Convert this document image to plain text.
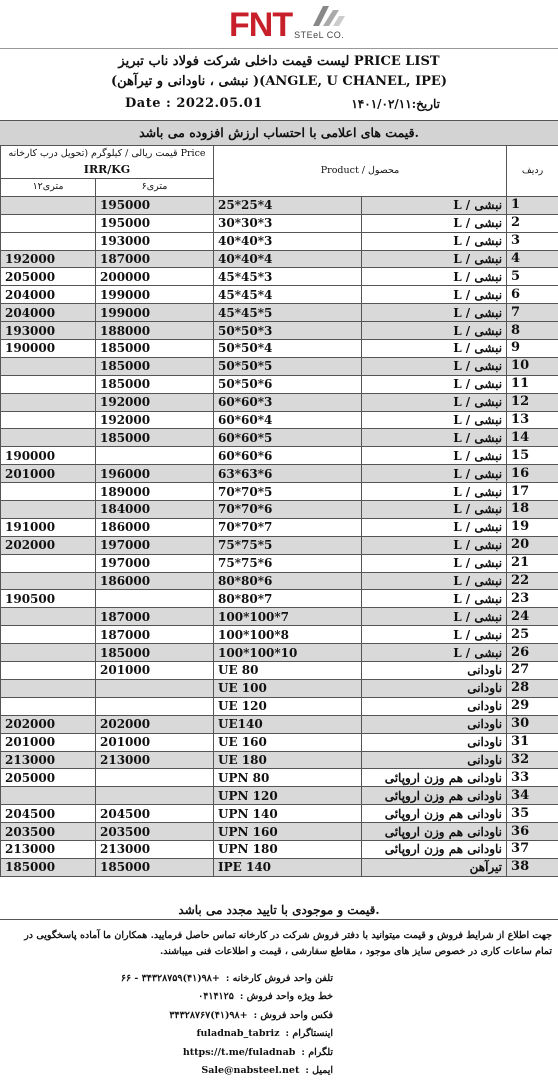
FNT STEeL CO.
لیست قیمت داخلی شرکت فولاد ناب تبریز PRICE LIST
(نبشی ، ناودانی و تیرآهن )(ANGLE, U CHANEL, IPE)
Date : 2022.05.01	تاریخ:۱۴۰۱/۰۲/۱۱
قیمت های اعلامی با احتساب ارزش افزوده می باشد.
قیمت ریالی / کیلوگرم (تحویل درب کارخانه Price
IRR/KG		Product / محصول		ردیف
۱۲متری	۶متری			
	195000	25*25*4	نبشی / L	1
	195000	30*30*3	نبشی / L	2
	193000	40*40*3	نبشی / L	3
192000	187000	40*40*4	نبشی / L	4
205000	200000	45*45*3	نبشی / L	5
204000	199000	45*45*4	نبشی / L	6
204000	199000	45*45*5	نبشی / L	7
193000	188000	50*50*3	نبشی / L	8
190000	185000	50*50*4	نبشی / L	9
	185000	50*50*5	نبشی / L	10
	185000	50*50*6	نبشی / L	11
	192000	60*60*3	نبشی / L	12
	192000	60*60*4	نبشی / L	13
	185000	60*60*5	نبشی / L	14
190000		60*60*6	نبشی / L	15
201000	196000	63*63*6	نبشی / L	16
	189000	70*70*5	نبشی / L	17
	184000	70*70*6	نبشی / L	18
191000	186000	70*70*7	نبشی / L	19
202000	197000	75*75*5	نبشی / L	20
	197000	75*75*6	نبشی / L	21
	186000	80*80*6	نبشی / L	22
190500		80*80*7	نبشی / L	23
	187000	100*100*7	نبشی / L	24
	187000	100*100*8	نبشی / L	25
	185000	100*100*10	نبشی / L	26
	201000	UE 80	ناودانی	27
		UE 100	ناودانی	28
		UE 120	ناودانی	29
202000	202000	UE140	ناودانی	30
201000	201000	UE 160	ناودانی	31
213000	213000	UE 180	ناودانی	32
205000		UPN 80	ناودانی هم وزن اروپائی	33
		UPN 120	ناودانی هم وزن اروپائی	34
204500	204500	UPN 140	ناودانی هم وزن اروپائی	35
203500	203500	UPN 160	ناودانی هم وزن اروپائی	36
213000	213000	UPN 180	ناودانی هم وزن اروپائی	37
185000	185000	IPE 140	تیرآهن	38
قیمت و موجودی با تایید مجدد می باشد.
جهت اطلاع از شرایط فروش و قیمت میتوانید با دفتر فروش شرکت در کارخانه تماس حاصل فرمایید. همکاران ما آماده پاسخگویی در تمام ساعات کاری در خصوص سایز های موجود ، مقاطع سفارشی ، قیمت و اطلاعات فنی میباشند.
تلفن واحد فروش کارخانه :۶۶ - ۳۴۳۲۸۷۵۹(۴۱)۹۸+
خط ویژه واحد فروش :۰۴۱۴۱۲۵
فکس واحد فروش :۳۴۳۲۸۷۶۷(۴۱)۹۸+
اینستاگرام :fuladnab_tabriz
تلگرام :https://t.me/fuladnab
ایمیل :Sale@nabsteel.net
